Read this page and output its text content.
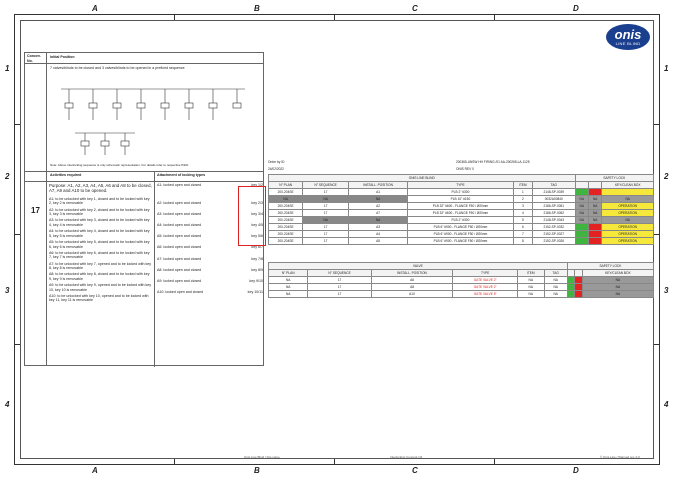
A	B	C	D
A	B	C	D
1
2
3
4
1
2
3
4
onis
LINE BLIND
Concev. No.
Initial Position
7 valves/blinds to be closed and 3 valves/blinds to be opened in a prefixed sequence
Note: Above interlocking sequence is only schematic representation. For details refer to respective P&ID
Activities required	Attachment of locking types
17
Purpose: A1, A2, A3, A4, A5, A6 and A8 to be closed, A7, A9 and A10 to be opened.
A1: to be unlocked with key 1, closed and to be locked with key 2, key 2 is removable
A2: to be unlocked with key 2, closed and to be locked with key 3, key 3 is removable
A3: to be unlocked with key 3, closed and to be locked with key 4, key 4 is removable
A4: to be unlocked with key 4, closed and to be locked with key 5, key 5 is removable
A5: to be unlocked with key 5, closed and to be locked with key 6, key 6 is removable
A6: to be unlocked with key 6, closed and to be locked with key 7, key 7 is removable
A7: to be unlocked with key 7, opened and to be locked with key 8, key 8 is removable
A8: to be unlocked with key 8, closed and to be locked with key 9, key 9 is removable
A9: to be unlocked with key 9, opened and to be locked with key 10, key 10 is removable
A10: to be unlocked with key 10, opened and to be locked with key 11, key 11 is removable
A1: locked open and closed	key 1/2
A2: locked open and closed	key 2/3
A3: locked open and closed	key 3/4
A4: locked open and closed	key 4/5
A5: locked open and closed	key 5/6
A6: locked open and closed	key 6/7
A7: locked open and closed	key 7/8
A8: locked open and closed	key 8/9
A9: locked open and closed	key 9/10
A10: locked open and closed	key 10/11
Order by ID
24/02/2022
200365-UNSW HH FIRING /01 AA-200265-LA-1125
ONIS REV 0
ONIS LINE BLIND						SAFETY LOCK		
N° PLAN	N° SEQUENCE	INSTALL. POSITION	TYPE	ITEM	TAG			KEY/CLEAN BOX
200-204SE	17	A1	PLB 2" #300	1	2148-SP-0039			
NA	NA	NA	PLB 10" #150	2	0032A00840	NA	NA	NA
200-204SE	17	A2	PLB 32" #600 - FLANGE F50 / Ø20mm	3	2186-SP-0051	NA	NA	OPERATION
200-204SE	17	A7	PLB 32" #600 - FLANGE F50 / Ø20mm	4	2186-SP-0052	NA	NA	OPERATION
200-204SE	NA	NA	PLB 2" #300	5	2148-SP-0043	NA	NA	NA
200-204SE	17	A3	PLB 6" #900 - FLANGE F50 / Ø20mm	6	2152-SP-0032			OPERATION
200-204SE	17	A4	PLB 6" #900 - FLANGE F50 / Ø20mm	7	2152-SP-0027			OPERATION
200-204SE	17	A5	PLB 6" #900 - FLANGE F50 / Ø20mm	8	2152-SP-0026			OPERATION
VALVE						SAFETY LOCK		
N° PLAN	N° SEQUENCE	INSTALL. POSITION	TYPE	ITEM	TAG			KEY/CLEAN BOX
NA	17	A6	GATE VALVE 2"	NA	NA			NA
NA	17	A8	GATE VALVE 2"	NA	NA			NA
NA	17	A10	GATE VALVE 8"	NA	NA			NA
Onis Line Blind / File name	Interlocking Concept 1/4	© Onis Line / Planned rev. 0.0
